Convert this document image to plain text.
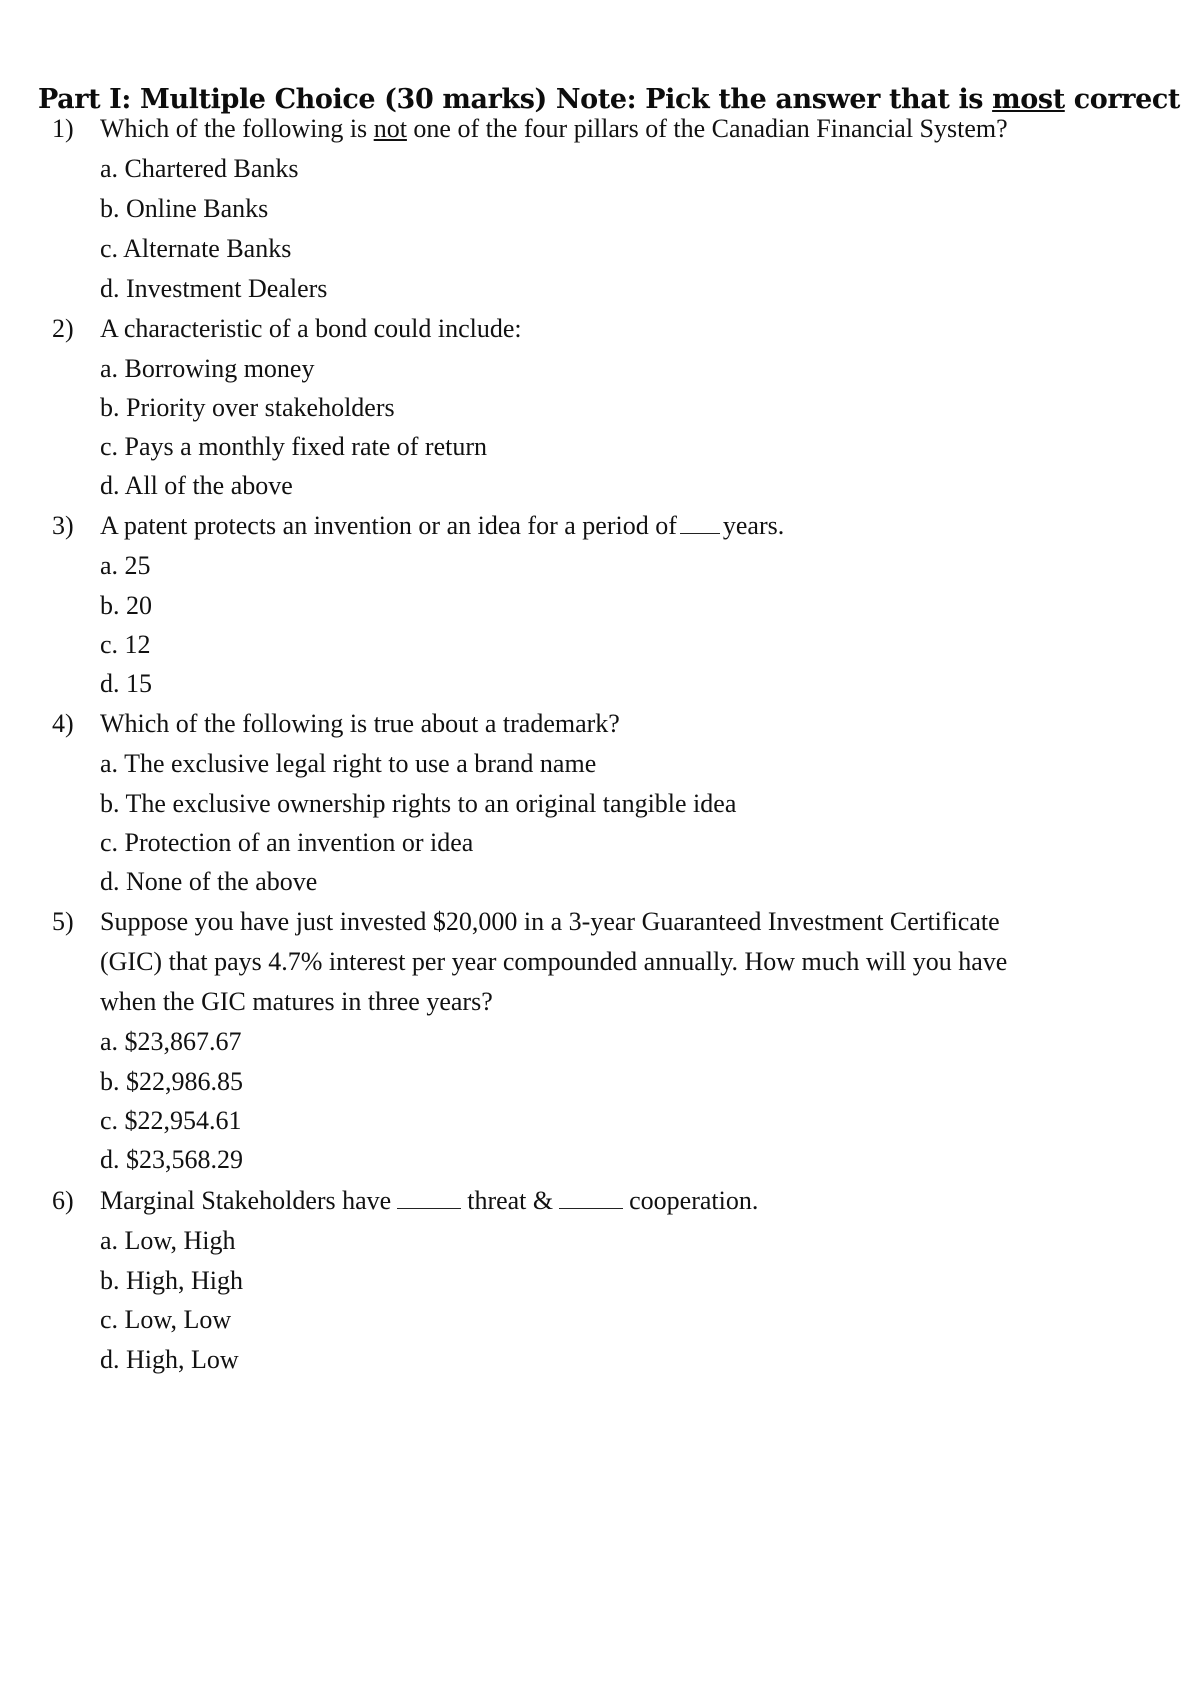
Part I: Multiple Choice (30 marks) Note: Pick the answer that is most correct
1) Which of the following is not one of the four pillars of the Canadian Financial System?
a. Chartered Banks
b. Online Banks
c. Alternate Banks
d. Investment Dealers
2) A characteristic of a bond could include:
a. Borrowing money
b. Priority over stakeholders
c. Pays a monthly fixed rate of return
d. All of the above
3) A patent protects an invention or an idea for a period of years.
a. 25
b. 20
c. 12
d. 15
4) Which of the following is true about a trademark?
a. The exclusive legal right to use a brand name
b. The exclusive ownership rights to an original tangible idea
c. Protection of an invention or idea
d. None of the above
5) Suppose you have just invested $20,000 in a 3-year Guaranteed Investment Certificate
(GIC) that pays 4.7% interest per year compounded annually. How much will you have
when the GIC matures in three years?
a. $23,867.67
b. $22,986.85
c. $22,954.61
d. $23,568.29
6) Marginal Stakeholders have	threat &	cooperation.
a. Low, High
b. High, High
c. Low, Low
d. High, Low
